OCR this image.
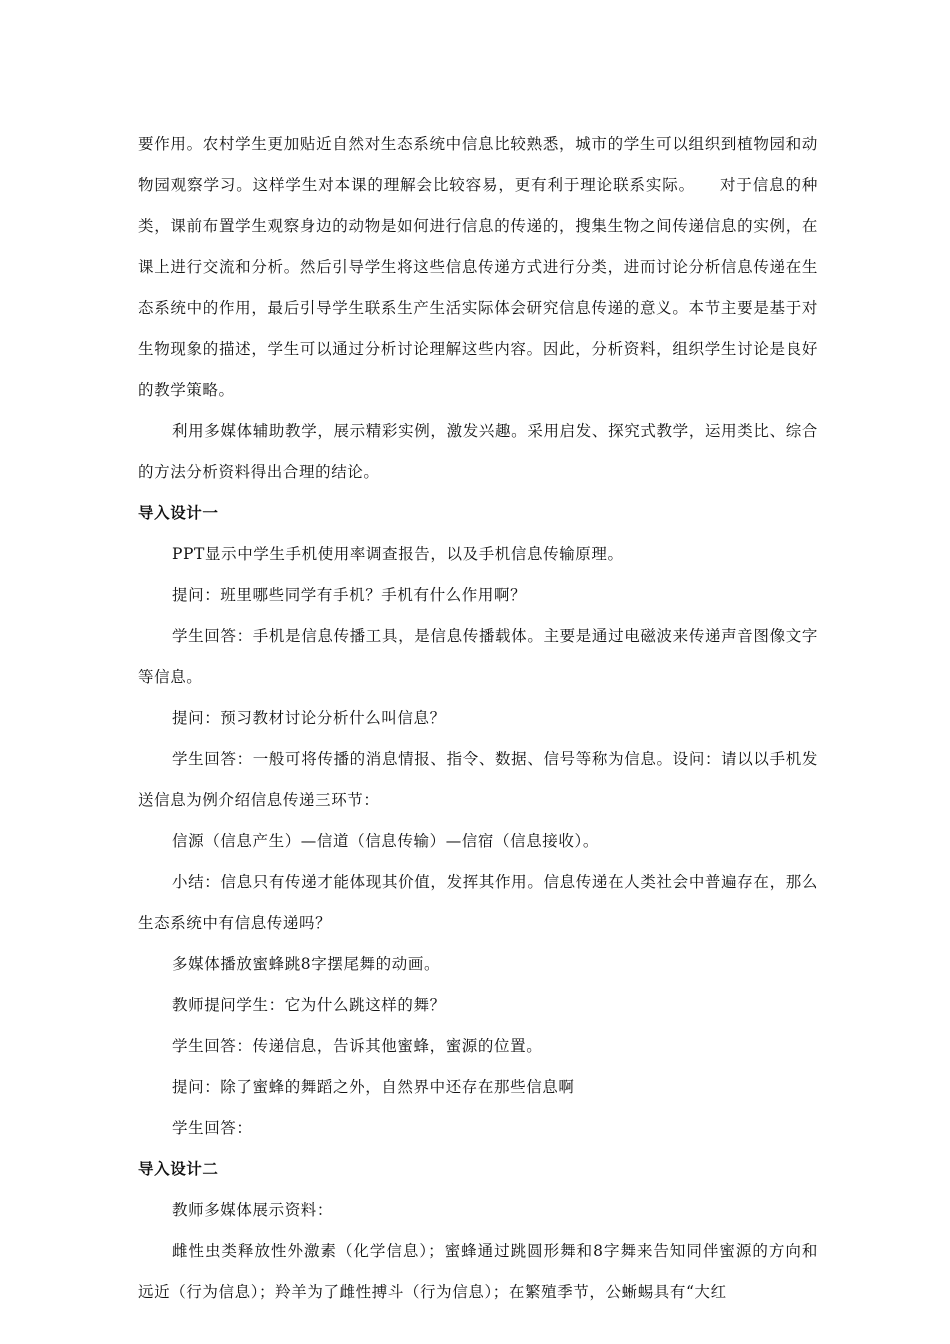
要作用。农村学生更加贴近自然对生态系统中信息比较熟悉，城市的学生可以组织到植物园和动物园观察学习。这样学生对本课的理解会比较容易，更有利于理论联系实际。　　对于信息的种类，课前布置学生观察身边的动物是如何进行信息的传递的，搜集生物之间传递信息的实例，在课上进行交流和分析。然后引导学生将这些信息传递方式进行分类，进而讨论分析信息传递在生态系统中的作用，最后引导学生联系生产生活实际体会研究信息传递的意义。本节主要是基于对生物现象的描述，学生可以通过分析讨论理解这些内容。因此，分析资料，组织学生讨论是良好的教学策略。

利用多媒体辅助教学，展示精彩实例，激发兴趣。采用启发、探究式教学，运用类比、综合的方法分析资料得出合理的结论。

导入设计一

PPT显示中学生手机使用率调查报告，以及手机信息传输原理。

提问：班里哪些同学有手机？手机有什么作用啊？

学生回答：手机是信息传播工具，是信息传播载体。主要是通过电磁波来传递声音图像文字等信息。

提问：预习教材讨论分析什么叫信息？

学生回答：一般可将传播的消息情报、指令、数据、信号等称为信息。设问：请以以手机发送信息为例介绍信息传递三环节：

信源（信息产生）—信道（信息传输）—信宿（信息接收）。

小结：信息只有传递才能体现其价值，发挥其作用。信息传递在人类社会中普遍存在，那么生态系统中有信息传递吗？

多媒体播放蜜蜂跳8字摆尾舞的动画。

教师提问学生：它为什么跳这样的舞？

学生回答：传递信息，告诉其他蜜蜂，蜜源的位置。

提问：除了蜜蜂的舞蹈之外，自然界中还存在那些信息啊

学生回答：

导入设计二

教师多媒体展示资料：

雌性虫类释放性外激素（化学信息）；蜜蜂通过跳圆形舞和8字舞来告知同伴蜜源的方向和远近（行为信息）；羚羊为了雌性搏斗（行为信息）；在繁殖季节，公蜥蜴具有“大红
